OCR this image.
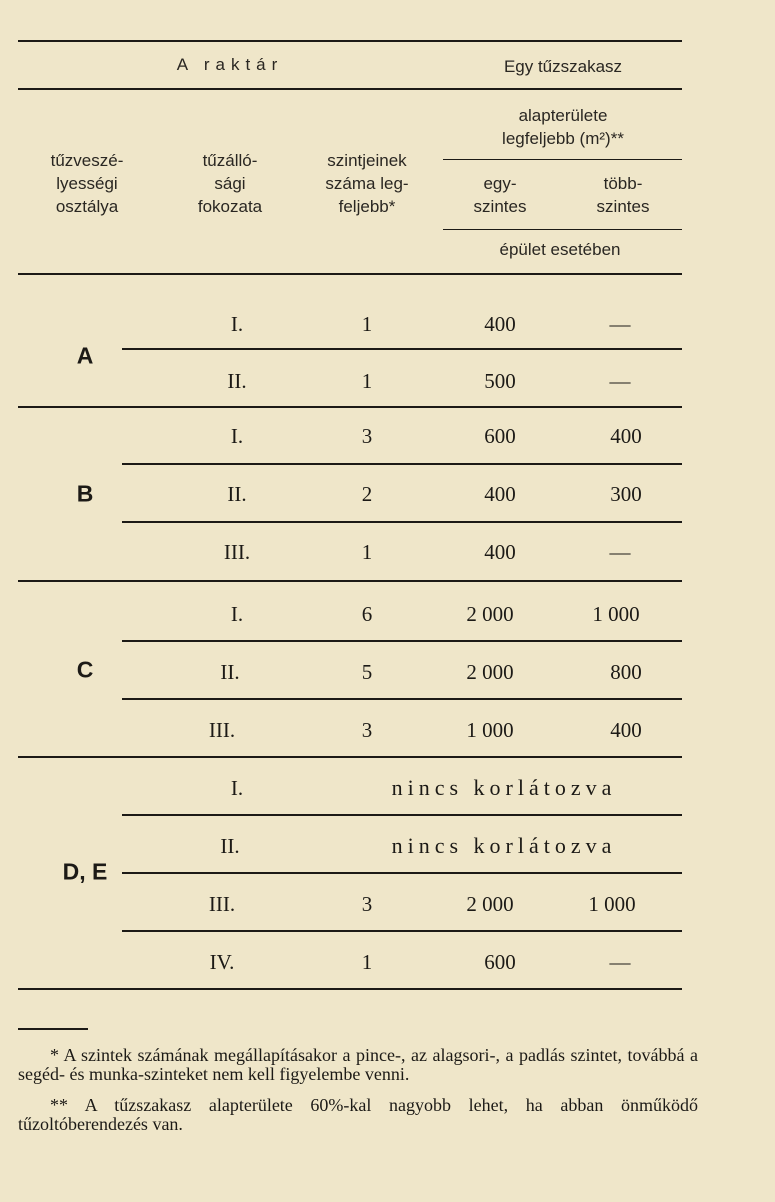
A raktár	Egy tűzszakasz
tűzveszé-
lyességi
osztálya
tűzálló-
sági
fokozata
szintjeinek
száma leg-
feljebb*
alapterülete
legfeljebb (m²)**
egy-
szintes
több-
szintes
épület esetében
A
I.	1	400	—
II.	1	500	—
B
I.	3	600	400
II.	2	400	300
III.	1	400	—
C
I.	6	2 000	1 000
II.	5	2 000	800
III.	3	1 000	400
D, E
I.	nincs korlátozva
II.	nincs korlátozva
III.	3	2 000	1 000
IV.	1	600	—

* A szintek számának megállapításakor a pince-, az alagsori-, a padlás szintet, továbbá a segéd- és munka-szinteket nem kell figyelembe venni.

** A tűzszakasz alapterülete 60%-kal nagyobb lehet, ha abban önműködő tűzoltóberendezés van.
